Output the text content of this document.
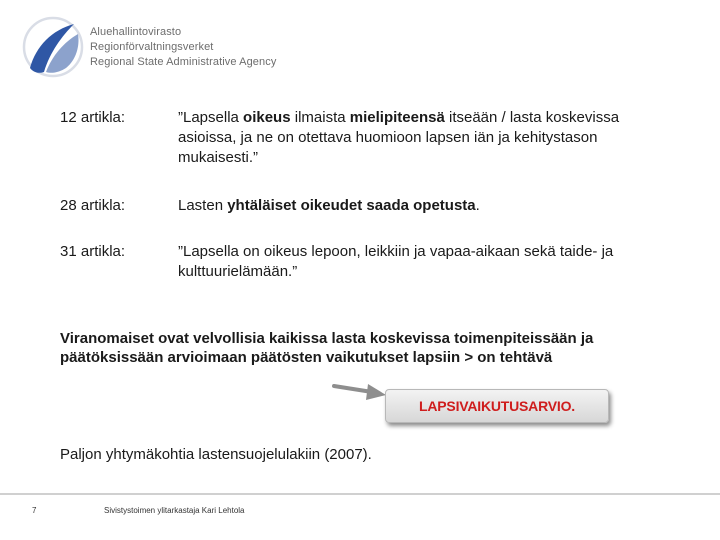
Aluehallintovirasto
Regionförvaltningsverket
Regional State Administrative Agency
12 artikla:	”Lapsella oikeus ilmaista mielipiteensä itseään / lasta koskevissa asioissa, ja ne on otettava huomioon lapsen iän ja kehitystason mukaisesti.”
28 artikla:	Lasten yhtäläiset oikeudet saada opetusta.
31 artikla:	”Lapsella on oikeus lepoon, leikkiin ja vapaa-aikaan sekä taide- ja kulttuurielämään.”
Viranomaiset ovat velvollisia kaikissa lasta koskevissa toimenpiteissään ja päätöksissään arvioimaan päätösten vaikutukset lapsiin > on tehtävä
LAPSIVAIKUTUSARVIO.
Paljon yhtymäkohtia lastensuojelulakiin (2007).
7	Sivistystoimen ylitarkastaja Kari Lehtola
